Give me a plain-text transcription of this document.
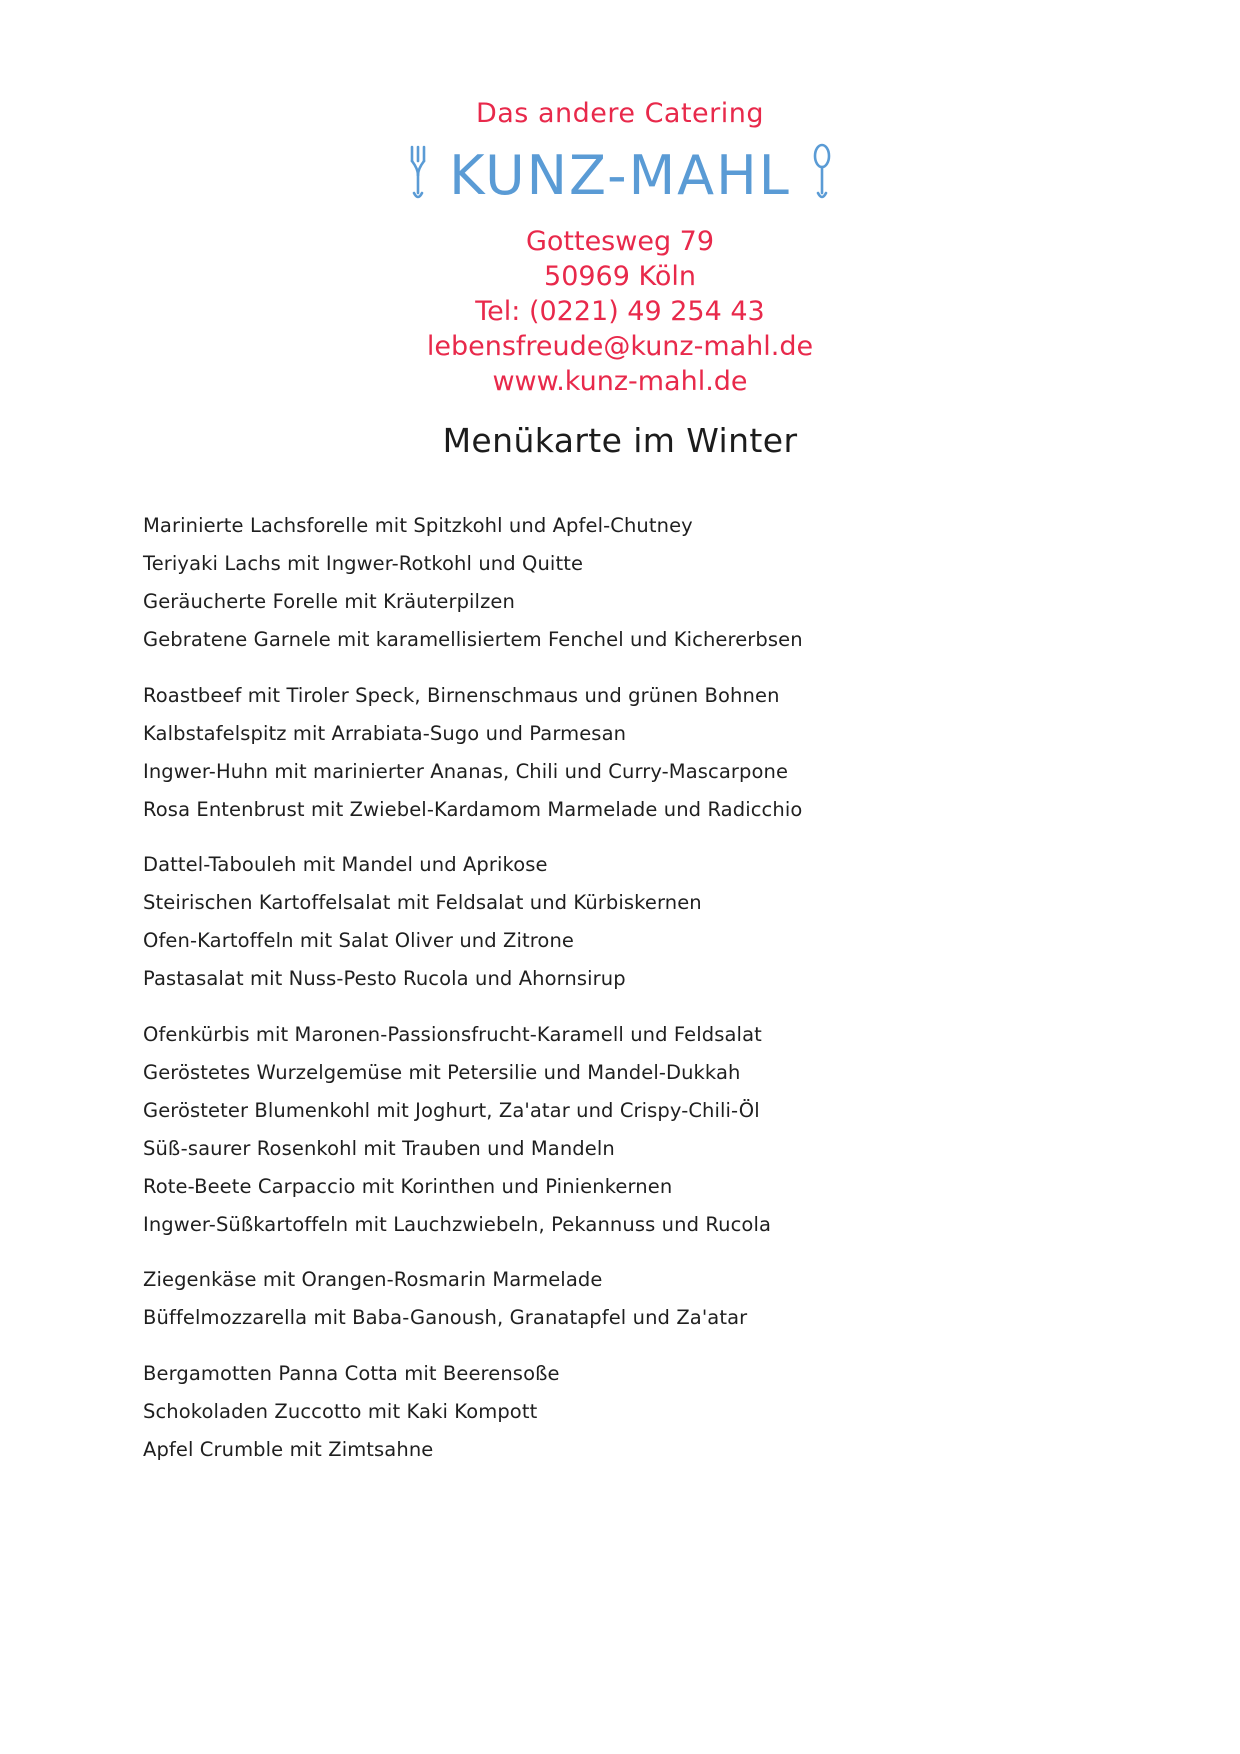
Das andere Catering
KUNZ-MAHL
Gottesweg 79
50969 Köln
Tel: (0221) 49 254 43
lebensfreude@kunz-mahl.de
www.kunz-mahl.de
Menükarte im Winter
Marinierte Lachsforelle mit Spitzkohl und Apfel-Chutney
Teriyaki Lachs mit Ingwer-Rotkohl und Quitte
Geräucherte Forelle mit Kräuterpilzen
Gebratene Garnele mit karamellisiertem Fenchel und Kichererbsen
Roastbeef mit Tiroler Speck, Birnenschmaus und grünen Bohnen
Kalbstafelspitz mit Arrabiata-Sugo und Parmesan
Ingwer-Huhn mit marinierter Ananas, Chili und Curry-Mascarpone
Rosa Entenbrust mit Zwiebel-Kardamom Marmelade und Radicchio
Dattel-Tabouleh mit Mandel und Aprikose
Steirischen Kartoffelsalat mit Feldsalat und Kürbiskernen
Ofen-Kartoffeln mit Salat Oliver und Zitrone
Pastasalat mit Nuss-Pesto Rucola und Ahornsirup
Ofenkürbis mit Maronen-Passionsfrucht-Karamell und Feldsalat
Geröstetes Wurzelgemüse mit Petersilie und Mandel-Dukkah
Gerösteter Blumenkohl mit Joghurt, Za'atar und Crispy-Chili-Öl
Süß-saurer Rosenkohl mit Trauben und Mandeln
Rote-Beete Carpaccio mit Korinthen und Pinienkernen
Ingwer-Süßkartoffeln mit Lauchzwiebeln, Pekannuss und Rucola
Ziegenkäse mit Orangen-Rosmarin Marmelade
Büffelmozzarella mit Baba-Ganoush, Granatapfel und Za'atar
Bergamotten Panna Cotta mit Beerensoße
Schokoladen Zuccotto mit Kaki Kompott
Apfel Crumble mit Zimtsahne
